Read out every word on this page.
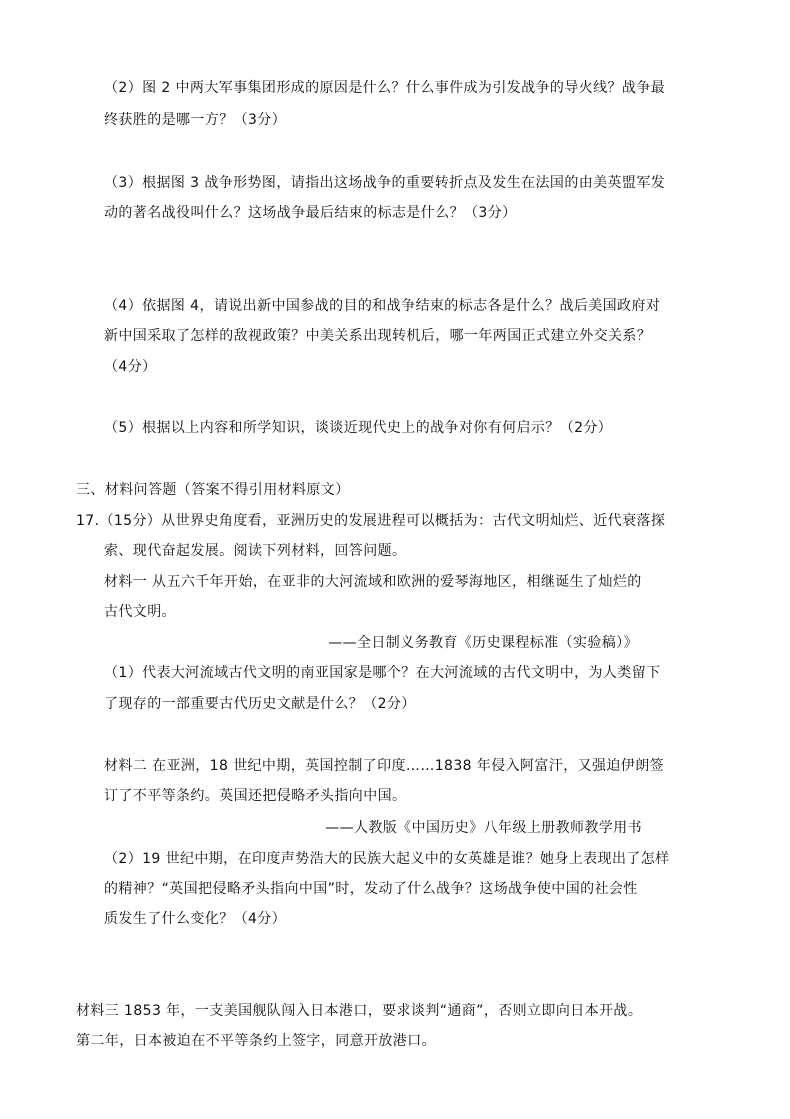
（2）图 2 中两大军事集团形成的原因是什么？什么事件成为引发战争的导火线？战争最
终获胜的是哪一方？（3分）
（3）根据图 3 战争形势图，请指出这场战争的重要转折点及发生在法国的由美英盟军发
动的著名战役叫什么？这场战争最后结束的标志是什么？（3分）
（4）依据图 4，请说出新中国参战的目的和战争结束的标志各是什么？战后美国政府对
新中国采取了怎样的敌视政策？中美关系出现转机后，哪一年两国正式建立外交关系？
（4分）
（5）根据以上内容和所学知识，谈谈近现代史上的战争对你有何启示？（2分）
三、材料问答题（答案不得引用材料原文）
17.（15分）从世界史角度看，亚洲历史的发展进程可以概括为：古代文明灿烂、近代衰落探
索、现代奋起发展。阅读下列材料，回答问题。
材料一 从五六千年开始，在亚非的大河流域和欧洲的爱琴海地区，相继诞生了灿烂的
古代文明。
——全日制义务教育《历史课程标准（实验稿）》
（1）代表大河流域古代文明的南亚国家是哪个？在大河流域的古代文明中，为人类留下
了现存的一部重要古代历史文献是什么？（2分）
材料二 在亚洲，18 世纪中期，英国控制了印度……1838 年侵入阿富汗，又强迫伊朗签
订了不平等条约。英国还把侵略矛头指向中国。
——人教版《中国历史》八年级上册教师教学用书
（2）19 世纪中期，在印度声势浩大的民族大起义中的女英雄是谁？她身上表现出了怎样
的精神？“英国把侵略矛头指向中国”时，发动了什么战争？这场战争使中国的社会性
质发生了什么变化？（4分）
材料三 1853 年，一支美国舰队闯入日本港口，要求谈判“通商”，否则立即向日本开战。
第二年，日本被迫在不平等条约上签字，同意开放港口。
